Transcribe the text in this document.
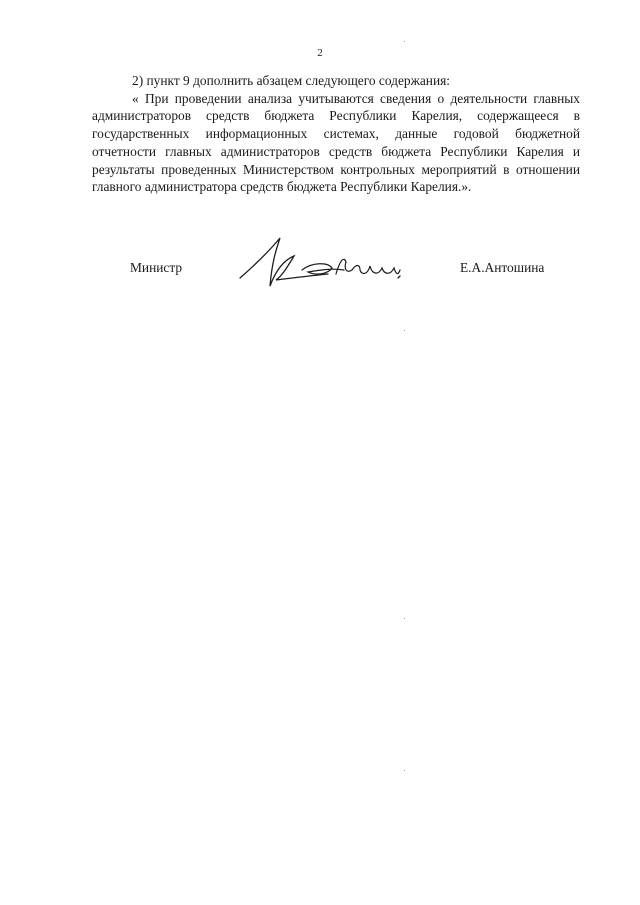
2

2) пункт 9 дополнить абзацем следующего содержания:

« При проведении анализа учитываются сведения о деятельности главных администраторов средств бюджета Республики Карелия, содержащееся в государственных информационных системах, данные годовой бюджетной отчетности главных администраторов средств бюджета Республики Карелия и результаты проведенных Министерством контрольных мероприятий в отношении главного администратора средств бюджета Республики Карелия.».

Министр	Е.А.Антошина
